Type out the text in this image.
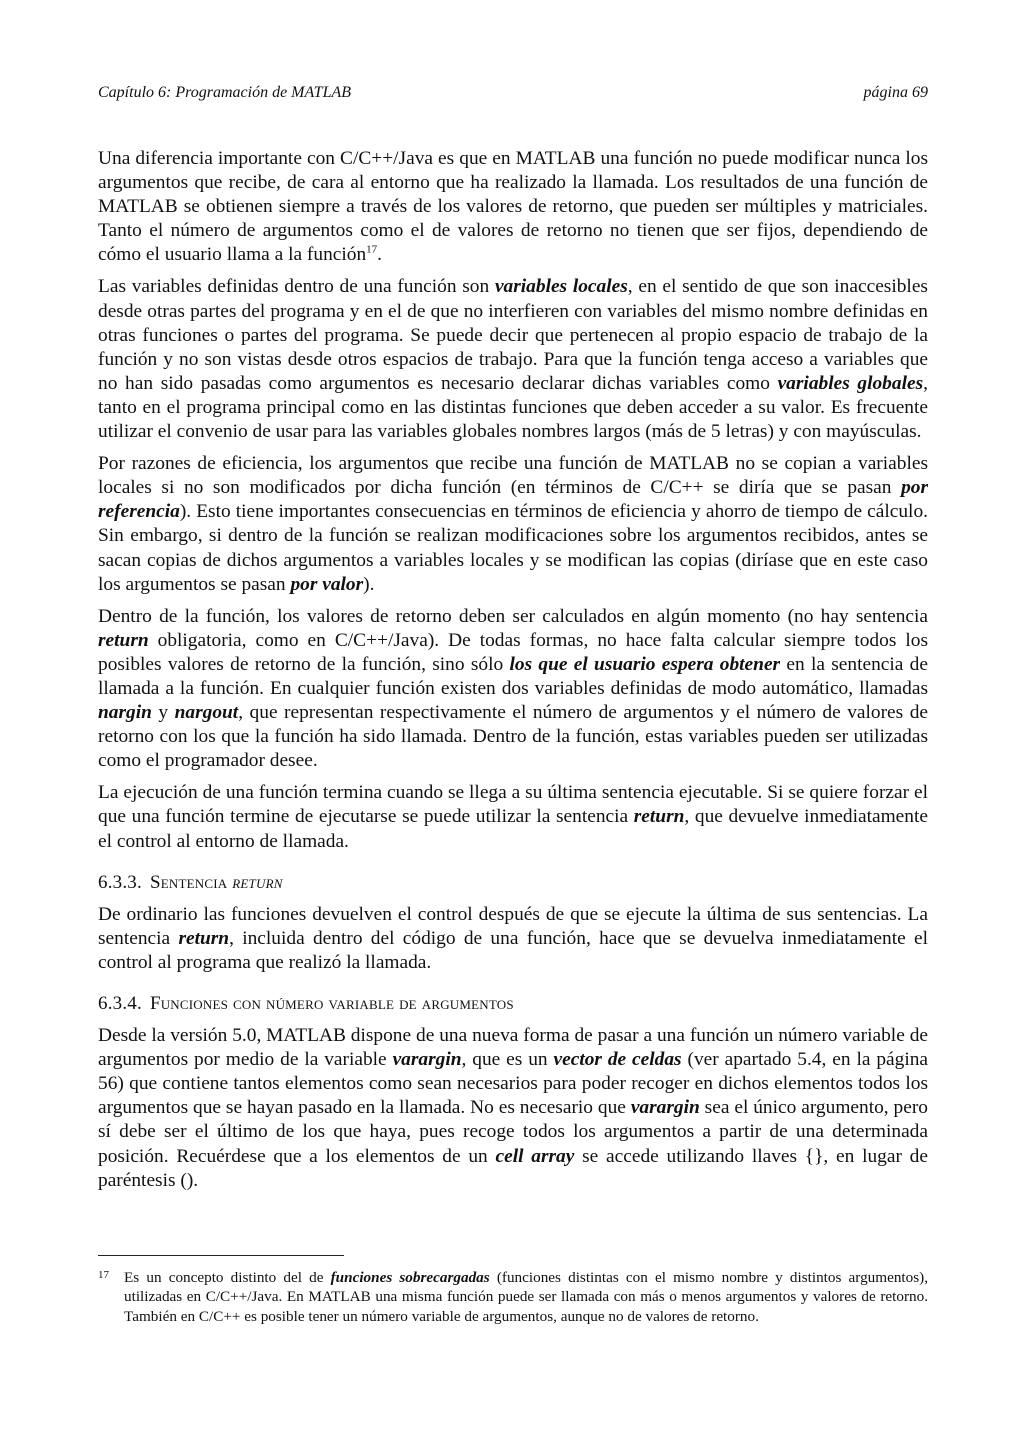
Capítulo 6: Programación de MATLAB	página 69

Una diferencia importante con C/C++/Java es que en MATLAB una función no puede modificar nunca los argumentos que recibe, de cara al entorno que ha realizado la llamada. Los resultados de una función de MATLAB se obtienen siempre a través de los valores de retorno, que pueden ser múltiples y matriciales. Tanto el número de argumentos como el de valores de retorno no tienen que ser fijos, dependiendo de cómo el usuario llama a la función$^{17}$.

Las variables definidas dentro de una función son variables locales, en el sentido de que son inaccesibles desde otras partes del programa y en el de que no interfieren con variables del mismo nombre definidas en otras funciones o partes del programa. Se puede decir que pertenecen al propio espacio de trabajo de la función y no son vistas desde otros espacios de trabajo. Para que la función tenga acceso a variables que no han sido pasadas como argumentos es necesario declarar dichas variables como variables globales, tanto en el programa principal como en las distintas funciones que deben acceder a su valor. Es frecuente utilizar el convenio de usar para las variables globales nombres largos (más de 5 letras) y con mayúsculas.

Por razones de eficiencia, los argumentos que recibe una función de MATLAB no se copian a variables locales si no son modificados por dicha función (en términos de C/C++ se diría que se pasan por referencia). Esto tiene importantes consecuencias en términos de eficiencia y ahorro de tiempo de cálculo. Sin embargo, si dentro de la función se realizan modificaciones sobre los argumentos recibidos, antes se sacan copias de dichos argumentos a variables locales y se modifican las copias (diríase que en este caso los argumentos se pasan por valor).

Dentro de la función, los valores de retorno deben ser calculados en algún momento (no hay sentencia return obligatoria, como en C/C++/Java). De todas formas, no hace falta calcular siempre todos los posibles valores de retorno de la función, sino sólo los que el usuario espera obtener en la sentencia de llamada a la función. En cualquier función existen dos variables definidas de modo automático, llamadas nargin y nargout, que representan respectivamente el número de argumentos y el número de valores de retorno con los que la función ha sido llamada. Dentro de la función, estas variables pueden ser utilizadas como el programador desee.

La ejecución de una función termina cuando se llega a su última sentencia ejecutable. Si se quiere forzar el que una función termine de ejecutarse se puede utilizar la sentencia return, que devuelve inmediatamente el control al entorno de llamada.

6.3.3. Sentencia return

De ordinario las funciones devuelven el control después de que se ejecute la última de sus sentencias. La sentencia return, incluida dentro del código de una función, hace que se devuelva inmediatamente el control al programa que realizó la llamada.

6.3.4. Funciones con número variable de argumentos

Desde la versión 5.0, MATLAB dispone de una nueva forma de pasar a una función un número variable de argumentos por medio de la variable varargin, que es un vector de celdas (ver apartado 5.4, en la página 56) que contiene tantos elementos como sean necesarios para poder recoger en dichos elementos todos los argumentos que se hayan pasado en la llamada. No es necesario que varargin sea el único argumento, pero sí debe ser el último de los que haya, pues recoge todos los argumentos a partir de una determinada posición. Recuérdese que a los elementos de un cell array se accede utilizando llaves {}, en lugar de paréntesis ().

17 Es un concepto distinto del de funciones sobrecargadas (funciones distintas con el mismo nombre y distintos argumentos), utilizadas en C/C++/Java. En MATLAB una misma función puede ser llamada con más o menos argumentos y valores de retorno. También en C/C++ es posible tener un número variable de argumentos, aunque no de valores de retorno.
